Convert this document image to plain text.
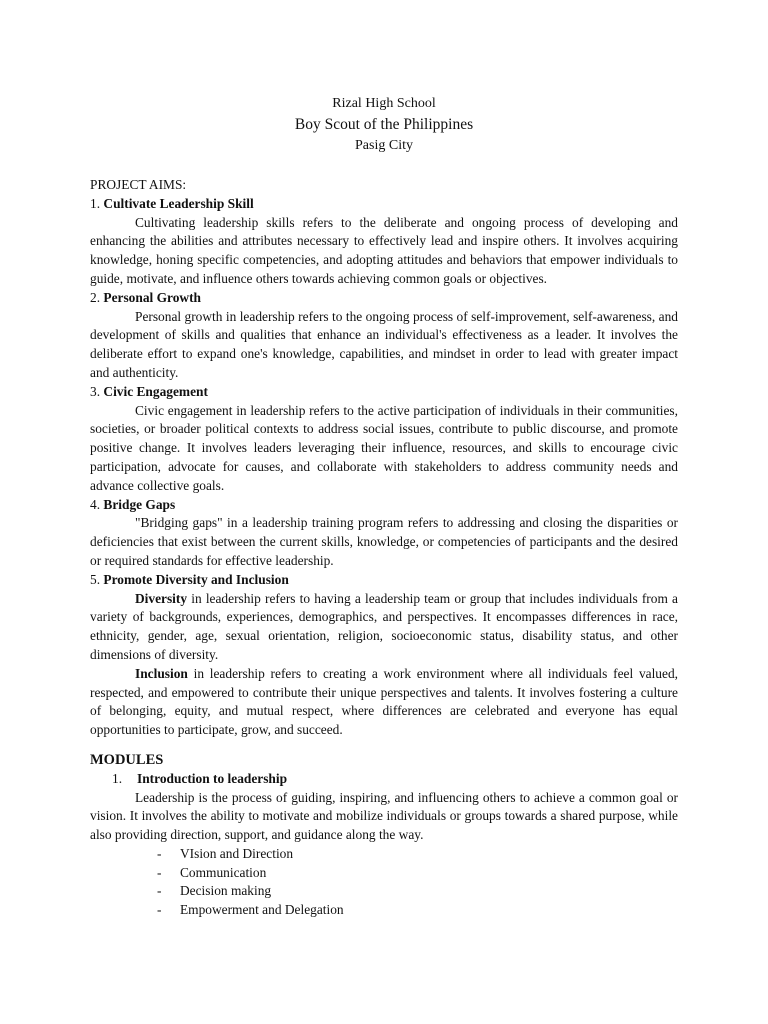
Rizal High School
Boy Scout of the Philippines
Pasig City
PROJECT AIMS:
1. Cultivate Leadership Skill

Cultivating leadership skills refers to the deliberate and ongoing process of developing and enhancing the abilities and attributes necessary to effectively lead and inspire others. It involves acquiring knowledge, honing specific competencies, and adopting attitudes and behaviors that empower individuals to guide, motivate, and influence others towards achieving common goals or objectives.

2. Personal Growth

Personal growth in leadership refers to the ongoing process of self-improvement, self-awareness, and development of skills and qualities that enhance an individual's effectiveness as a leader. It involves the deliberate effort to expand one's knowledge, capabilities, and mindset in order to lead with greater impact and authenticity.

3. Civic Engagement

Civic engagement in leadership refers to the active participation of individuals in their communities, societies, or broader political contexts to address social issues, contribute to public discourse, and promote positive change. It involves leaders leveraging their influence, resources, and skills to encourage civic participation, advocate for causes, and collaborate with stakeholders to address community needs and advance collective goals.

4. Bridge Gaps

"Bridging gaps" in a leadership training program refers to addressing and closing the disparities or deficiencies that exist between the current skills, knowledge, or competencies of participants and the desired or required standards for effective leadership.

5. Promote Diversity and Inclusion

Diversity in leadership refers to having a leadership team or group that includes individuals from a variety of backgrounds, experiences, demographics, and perspectives. It encompasses differences in race, ethnicity, gender, age, sexual orientation, religion, socioeconomic status, disability status, and other dimensions of diversity.

Inclusion in leadership refers to creating a work environment where all individuals feel valued, respected, and empowered to contribute their unique perspectives and talents. It involves fostering a culture of belonging, equity, and mutual respect, where differences are celebrated and everyone has equal opportunities to participate, grow, and succeed.

MODULES
1. Introduction to leadership

Leadership is the process of guiding, inspiring, and influencing others to achieve a common goal or vision. It involves the ability to motivate and mobilize individuals or groups towards a shared purpose, while also providing direction, support, and guidance along the way.

- VIsion and Direction
- Communication
- Decision making
- Empowerment and Delegation
